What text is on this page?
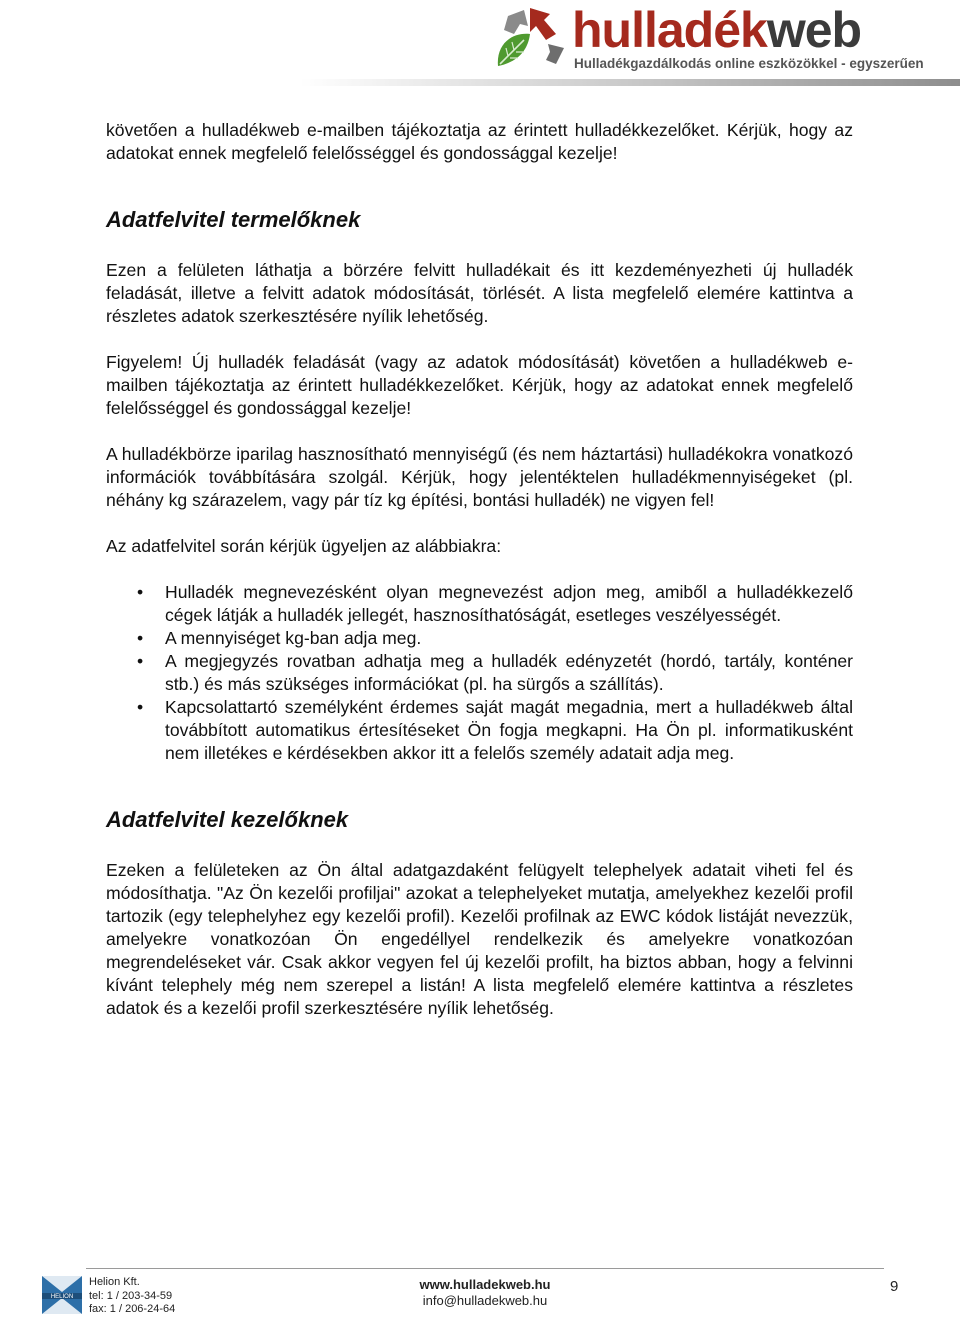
hulladékweb
Hulladékgazdálkodás online eszközökkel - egyszerűen

követően a hulladékweb e-mailben tájékoztatja az érintett hulladékkezelőket. Kérjük, hogy az adatokat ennek megfelelő felelősséggel és gondossággal kezelje!

Adatfelvitel termelőknek

Ezen a felületen láthatja a börzére felvitt hulladékait és itt kezdeményezheti új hulladék feladását, illetve a felvitt adatok módosítását, törlését. A lista megfelelő elemére kattintva a részletes adatok szerkesztésére nyílik lehetőség.

Figyelem! Új hulladék feladását (vagy az adatok módosítását) követően a hulladékweb e-mailben tájékoztatja az érintett hulladékkezelőket. Kérjük, hogy az adatokat ennek megfelelő felelősséggel és gondossággal kezelje!

A hulladékbörze iparilag hasznosítható mennyiségű (és nem háztartási) hulladékokra vonatkozó információk továbbítására szolgál. Kérjük, hogy jelentéktelen hulladékmennyiségeket (pl. néhány kg szárazelem, vagy pár tíz kg építési, bontási hulladék) ne vigyen fel!

Az adatfelvitel során kérjük ügyeljen az alábbiakra:

• Hulladék megnevezésként olyan megnevezést adjon meg, amiből a hulladékkezelő cégek látják a hulladék jellegét, hasznosíthatóságát, esetleges veszélyességét.
• A mennyiséget kg-ban adja meg.
• A megjegyzés rovatban adhatja meg a hulladék edényzetét (hordó, tartály, konténer stb.) és más szükséges információkat (pl. ha sürgős a szállítás).
• Kapcsolattartó személyként érdemes saját magát megadnia, mert a hulladékweb által továbbított automatikus értesítéseket Ön fogja megkapni. Ha Ön pl. informatikusként nem illetékes e kérdésekben akkor itt a felelős személy adatait adja meg.
Adatfelvitel kezelőknek

Ezeken a felületeken az Ön által adatgazdaként felügyelt telephelyek adatait viheti fel és módosíthatja. "Az Ön kezelői profiljai" azokat a telephelyeket mutatja, amelyekhez kezelői profil tartozik (egy telephelyhez egy kezelői profil). Kezelői profilnak az EWC kódok listáját nevezzük, amelyekre vonatkozóan Ön engedéllyel rendelkezik és amelyekre vonatkozóan megrendeléseket vár. Csak akkor vegyen fel új kezelői profilt, ha biztos abban, hogy a felvinni kívánt telephely még nem szerepel a listán! A lista megfelelő elemére kattintva a részletes adatok és a kezelői profil szerkesztésére nyílik lehetőség.

HELION
Helion Kft.
tel: 1 / 203-34-59
fax: 1 / 206-24-64
www.hulladekweb.hu
info@hulladekweb.hu
9
